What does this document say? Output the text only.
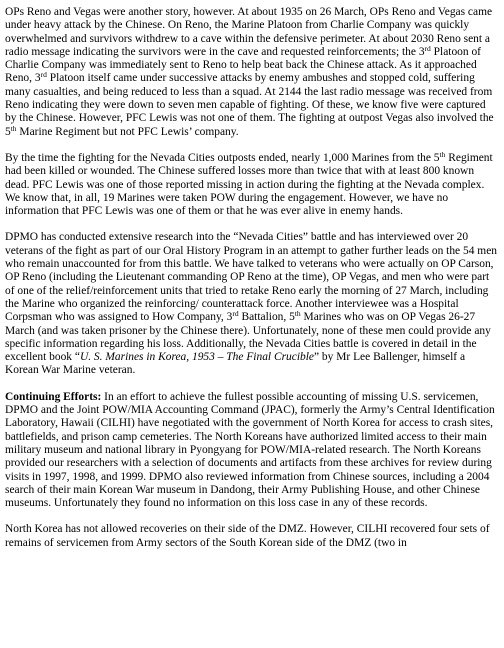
OPs Reno and Vegas were another story, however. At about 1935 on 26 March, OPs Reno and Vegas came under heavy attack by the Chinese. On Reno, the Marine Platoon from Charlie Company was quickly overwhelmed and survivors withdrew to a cave within the defensive perimeter. At about 2030 Reno sent a radio message indicating the survivors were in the cave and requested reinforcements; the 3rd Platoon of Charlie Company was immediately sent to Reno to help beat back the Chinese attack. As it approached Reno, 3rd Platoon itself came under successive attacks by enemy ambushes and stopped cold, suffering many casualties, and being reduced to less than a squad. At 2144 the last radio message was received from Reno indicating they were down to seven men capable of fighting. Of these, we know five were captured by the Chinese. However, PFC Lewis was not one of them. The fighting at outpost Vegas also involved the 5th Marine Regiment but not PFC Lewis’ company.

By the time the fighting for the Nevada Cities outposts ended, nearly 1,000 Marines from the 5th Regiment had been killed or wounded. The Chinese suffered losses more than twice that with at least 800 known dead. PFC Lewis was one of those reported missing in action during the fighting at the Nevada complex. We know that, in all, 19 Marines were taken POW during the engagement. However, we have no information that PFC Lewis was one of them or that he was ever alive in enemy hands.

DPMO has conducted extensive research into the “Nevada Cities” battle and has interviewed over 20 veterans of the fight as part of our Oral History Program in an attempt to gather further leads on the 54 men who remain unaccounted for from this battle. We have talked to veterans who were actually on OP Carson, OP Reno (including the Lieutenant commanding OP Reno at the time), OP Vegas, and men who were part of one of the relief/reinforcement units that tried to retake Reno early the morning of 27 March, including the Marine who organized the reinforcing/ counterattack force. Another interviewee was a Hospital Corpsman who was assigned to How Company, 3rd Battalion, 5th Marines who was on OP Vegas 26-27 March (and was taken prisoner by the Chinese there). Unfortunately, none of these men could provide any specific information regarding his loss. Additionally, the Nevada Cities battle is covered in detail in the excellent book “U. S. Marines in Korea, 1953 – The Final Crucible” by Mr Lee Ballenger, himself a Korean War Marine veteran.

Continuing Efforts: In an effort to achieve the fullest possible accounting of missing U.S. servicemen, DPMO and the Joint POW/MIA Accounting Command (JPAC), formerly the Army’s Central Identification Laboratory, Hawaii (CILHI) have negotiated with the government of North Korea for access to crash sites, battlefields, and prison camp cemeteries. The North Koreans have authorized limited access to their main military museum and national library in Pyongyang for POW/MIA-related research. The North Koreans provided our researchers with a selection of documents and artifacts from these archives for review during visits in 1997, 1998, and 1999. DPMO also reviewed information from Chinese sources, including a 2004 search of their main Korean War museum in Dandong, their Army Publishing House, and other Chinese museums. Unfortunately they found no information on this loss case in any of these records.

North Korea has not allowed recoveries on their side of the DMZ. However, CILHI recovered four sets of remains of servicemen from Army sectors of the South Korean side of the DMZ (two in
